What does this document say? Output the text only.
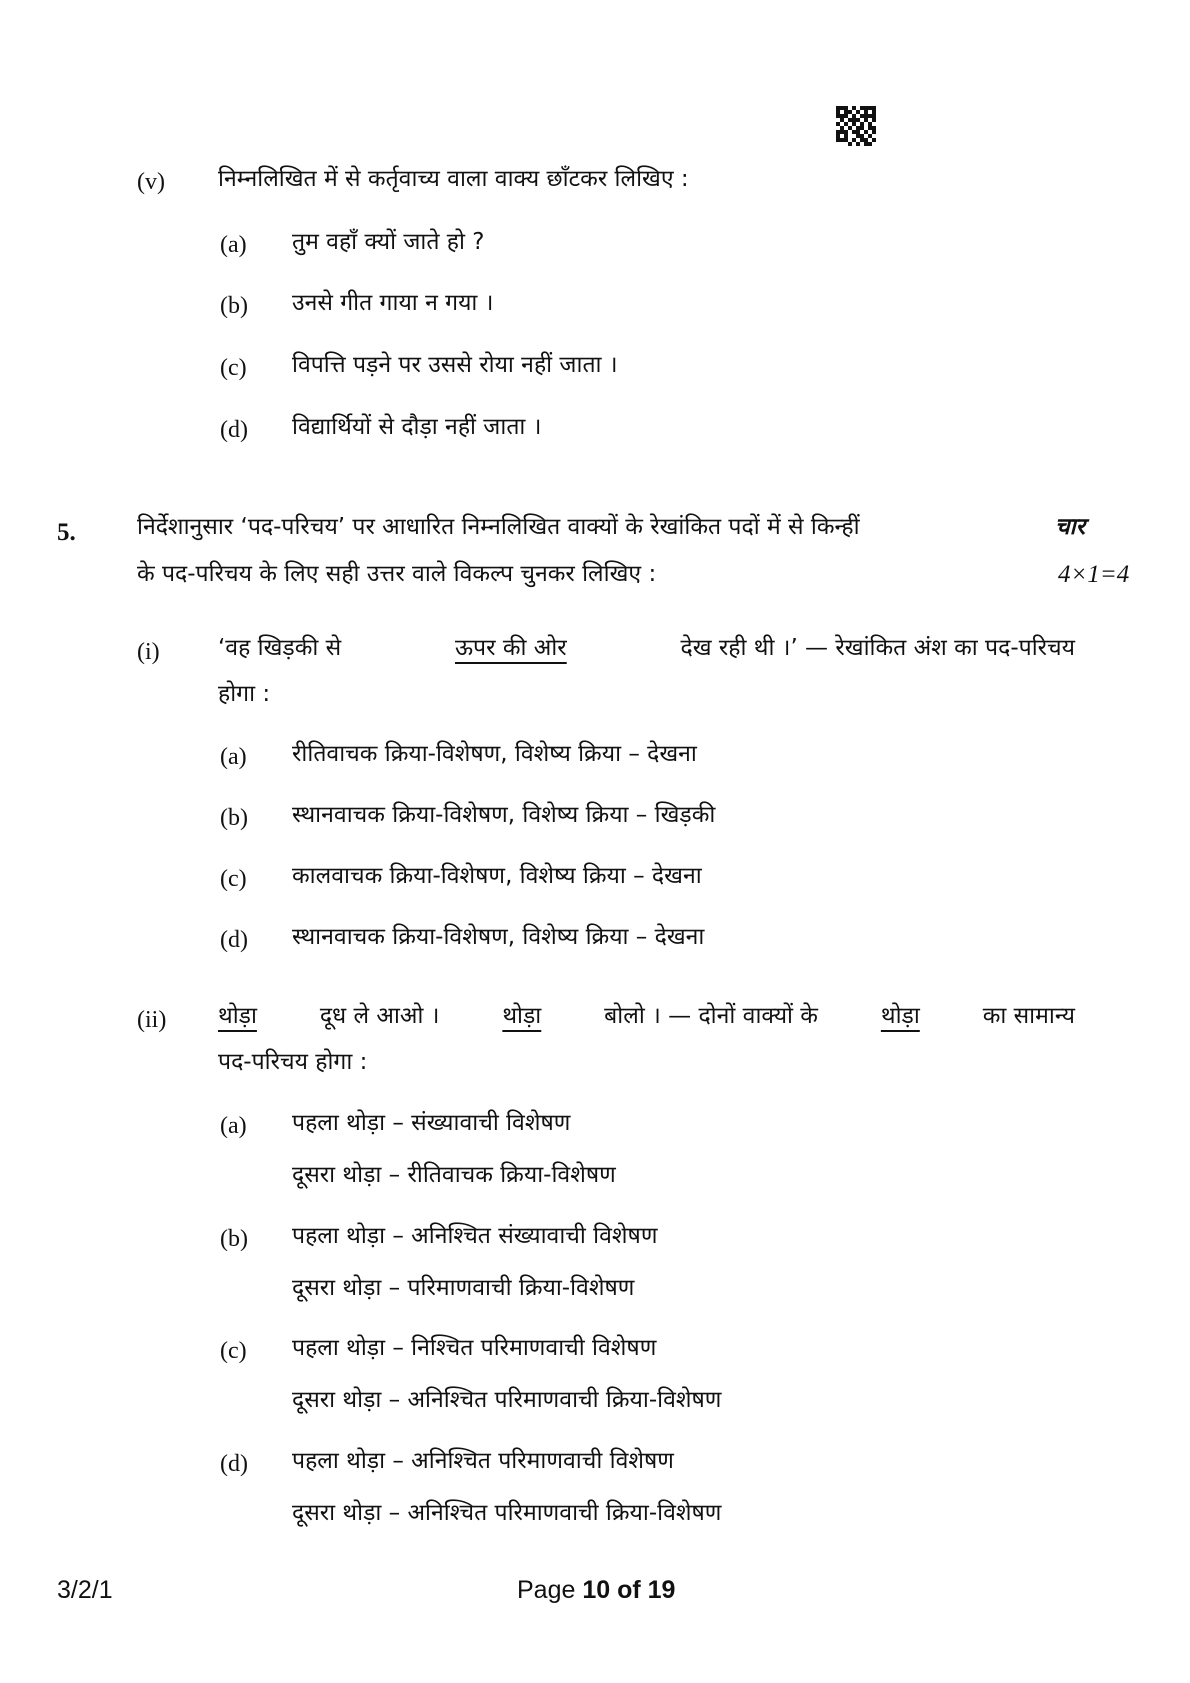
(v) निम्नलिखित में से कर्तृवाच्य वाला वाक्य छाँटकर लिखिए :
(a) तुम वहाँ क्यों जाते हो ?
(b) उनसे गीत गाया न गया ।
(c) विपत्ति पड़ने पर उससे रोया नहीं जाता ।
(d) विद्यार्थियों से दौड़ा नहीं जाता ।
5.	निर्देशानुसार ‘पद-परिचय’ पर आधारित निम्नलिखित वाक्यों के रेखांकित पदों में से किन्हीं	चार
के पद-परिचय के लिए सही उत्तर वाले विकल्प चुनकर लिखिए :	4×1=4
(i)	‘वह खिड़की से	ऊपर की ओर	देख रही थी ।’ — रेखांकित अंश का पद-परिचय
होगा :
(a) रीतिवाचक क्रिया-विशेषण, विशेष्य क्रिया – देखना
(b) स्थानवाचक क्रिया-विशेषण, विशेष्य क्रिया – खिड़की
(c) कालवाचक क्रिया-विशेषण, विशेष्य क्रिया – देखना
(d) स्थानवाचक क्रिया-विशेषण, विशेष्य क्रिया – देखना
(ii) थोड़ा	दूध ले आओ ।	थोड़ा	बोलो । — दोनों वाक्यों के	थोड़ा	का सामान्य
पद-परिचय होगा :
(a) पहला थोड़ा – संख्यावाची विशेषण
दूसरा थोड़ा – रीतिवाचक क्रिया-विशेषण
(b) पहला थोड़ा – अनिश्चित संख्यावाची विशेषण
दूसरा थोड़ा – परिमाणवाची क्रिया-विशेषण
(c) पहला थोड़ा – निश्चित परिमाणवाची विशेषण
दूसरा थोड़ा – अनिश्चित परिमाणवाची क्रिया-विशेषण
(d) पहला थोड़ा – अनिश्चित परिमाणवाची विशेषण
दूसरा थोड़ा – अनिश्चित परिमाणवाची क्रिया-विशेषण
3/2/1	Page 10 of 19
